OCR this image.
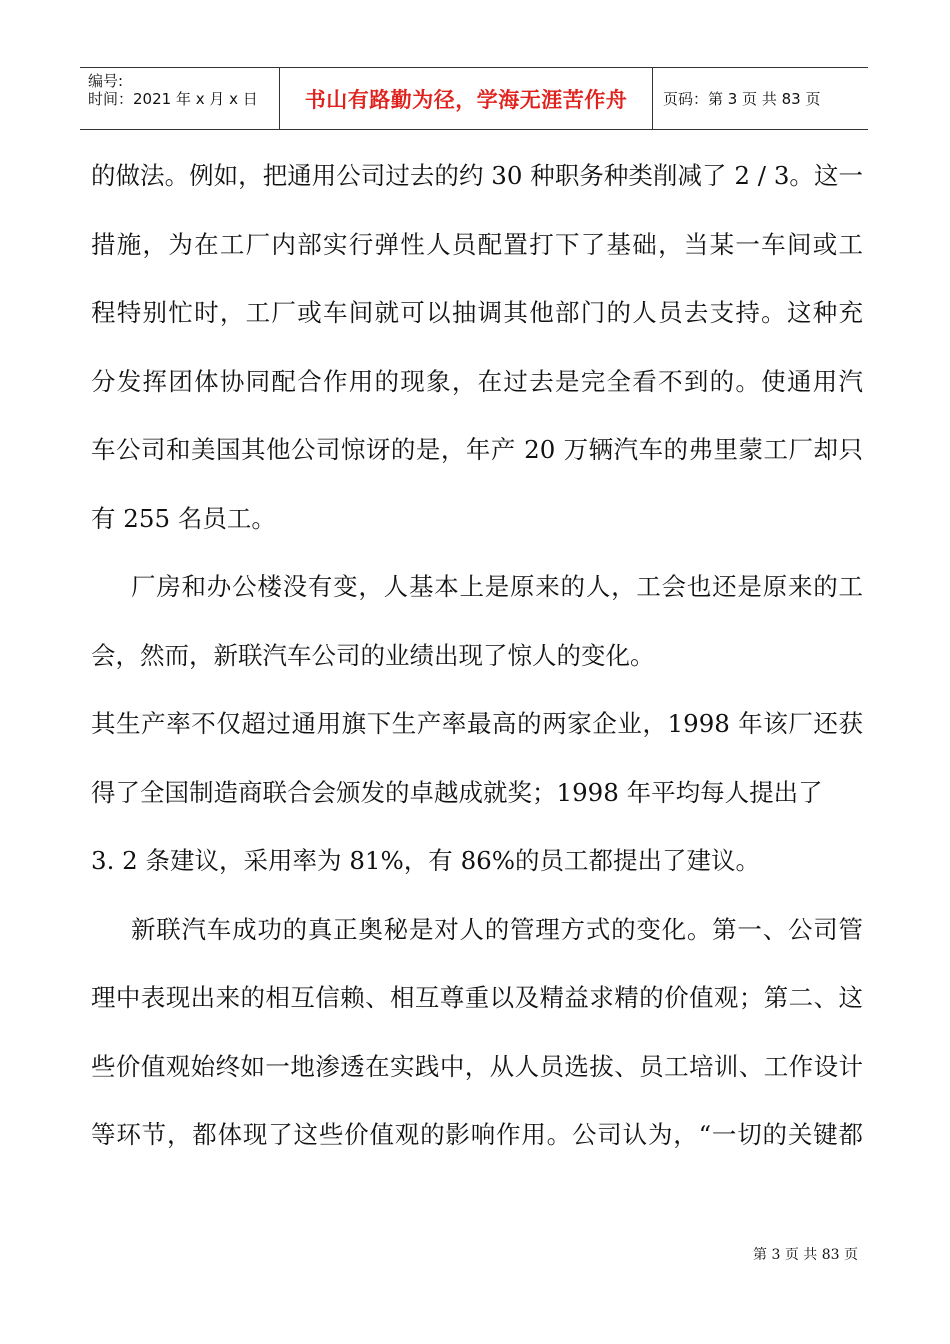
编号:
时间：2021 年 x 月 x 日	书山有路勤为径，学海无涯苦作舟	页码：第 3 页 共 83 页
的做法。例如，把通用公司过去的约 30 种职务种类削减了 2 / 3。这一
措施，为在工厂内部实行弹性人员配置打下了基础，当某一车间或工
程特别忙时，工厂或车间就可以抽调其他部门的人员去支持。这种充
分发挥团体协同配合作用的现象，在过去是完全看不到的。使通用汽
车公司和美国其他公司惊讶的是，年产 20 万辆汽车的弗里蒙工厂却只
有 255 名员工。
厂房和办公楼没有变，人基本上是原来的人，工会也还是原来的工
会，然而，新联汽车公司的业绩出现了惊人的变化。
其生产率不仅超过通用旗下生产率最高的两家企业，1998 年该厂还获
得了全国制造商联合会颁发的卓越成就奖；1998 年平均每人提出了
3. 2 条建议，采用率为 81%，有 86%的员工都提出了建议。
新联汽车成功的真正奥秘是对人的管理方式的变化。第一、公司管
理中表现出来的相互信赖、相互尊重以及精益求精的价值观；第二、这
些价值观始终如一地渗透在实践中，从人员选拔、员工培训、工作设计
等环节，都体现了这些价值观的影响作用。公司认为，“一切的关键都
第 3 页 共 83 页
